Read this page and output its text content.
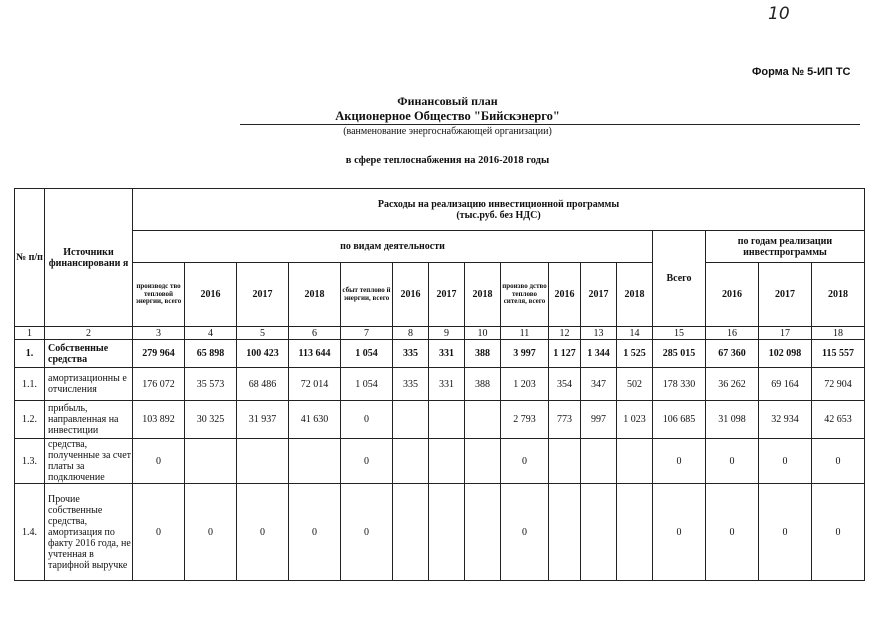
10
Форма № 5-ИП ТС
Финансовый план
Акционерное Общество "Бийскэнерго"
(ванменование энергоснабжающей организации)
в сфере теплоснабжения на 2016-2018 годы
№ п/п	Источники финансировани я	Расходы на реализацию инвестиционной программы
(тыс.руб. без НДС)															

		по видам деятельности												Всего	по годам реализации инвестпрограммы		
		производс тво тепловой энергии, всего	2016	2017	2018	сбыт теплово й энергии, всего	2016	2017	2018	произво дство теплово сителя, всего	2016	2017	2018		2016	2017	2018

1	2	3	4	5	6	7	8	9	10	11	12	13	14	15	16	17	18
1.	Собственные средства	279 964	65 898	100 423	113 644	1 054	335	331	388	3 997	1 127	1 344	1 525	285 015	67 360	102 098	115 557
1.1.	амортизационны е отчисления	176 072	35 573	68 486	72 014	1 054	335	331	388	1 203	354	347	502	178 330	36 262	69 164	72 904
1.2.	прибыль, направленная на инвестиции	103 892	30 325	31 937	41 630	0				2 793	773	997	1 023	106 685	31 098	32 934	42 653
1.3.	средства, полученные за счет платы за подключение	0				0				0				0	0	0	0
1.4.	Прочие собственные средства, амортизация по факту 2016 года, не учтенная в тарифной выручке	0	0	0	0	0				0				0	0	0	0
